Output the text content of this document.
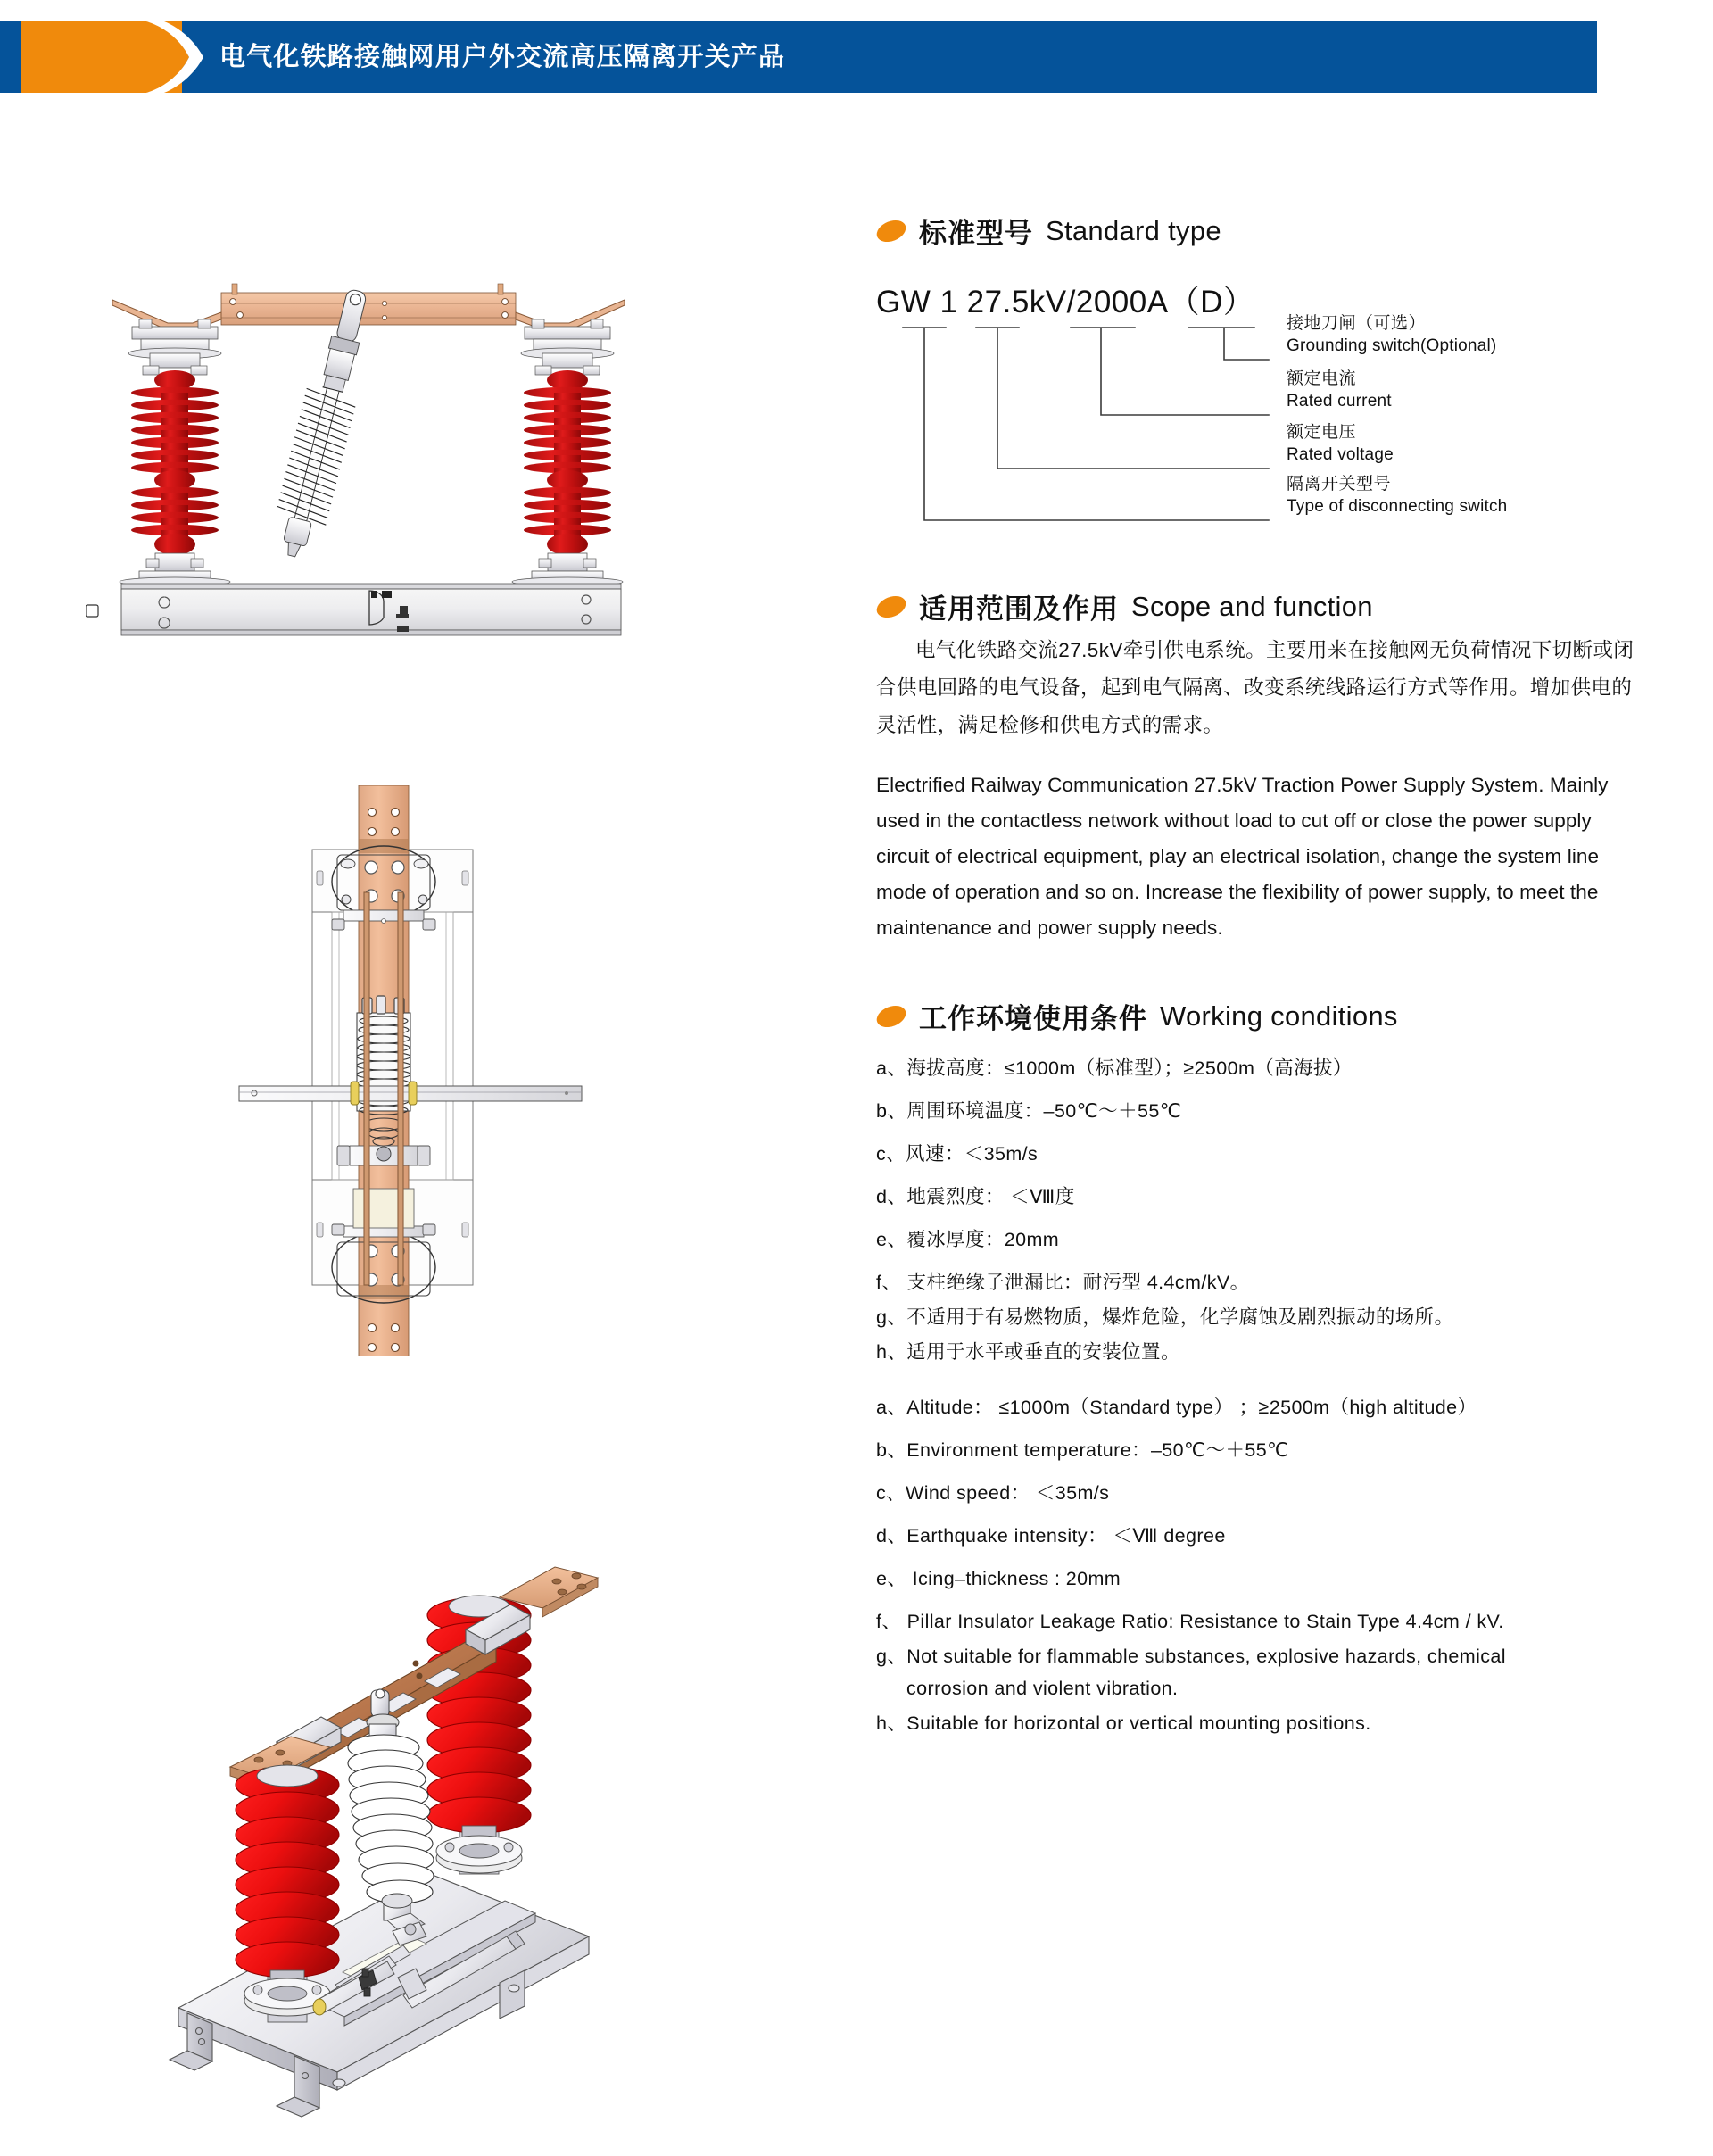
电气化铁路接触网用户外交流高压隔离开关产品
标准型号 Standard type
GW 1 27.5kV/2000A（D）
接地刀闸（可选）
Grounding switch(Optional)
额定电流
Rated current
额定电压
Rated voltage
隔离开关型号
Type of disconnecting switch
适用范围及作用 Scope and function

电气化铁路交流27.5kV牵引供电系统。主要用来在接触网无负荷情况下切断或闭合供电回路的电气设备，起到电气隔离、改变系统线路运行方式等作用。增加供电的灵活性，满足检修和供电方式的需求。

Electrified Railway Communication 27.5kV Traction Power Supply System. Mainly used in the contactless network without load to cut off or close the power supply circuit of electrical equipment, play an electrical isolation, change the system line mode of operation and so on. Increase the flexibility of power supply, to meet the maintenance and power supply needs.

工作环境使用条件 Working conditions
a、海拔高度：≤1000m（标准型）；≥2500m（高海拔）
b、周围环境温度：–50℃～＋55℃
c、风速：＜35m/s
d、地震烈度： ＜Ⅷ度
e、覆冰厚度：20mm
f、 支柱绝缘子泄漏比：耐污型 4.4cm/kV。
g、不适用于有易燃物质，爆炸危险，化学腐蚀及剧烈振动的场所。
h、适用于水平或垂直的安装位置。
a、Altitude： ≤1000m（Standard type） ；≥2500m（high altitude）
b、Environment temperature：–50℃～＋55℃
c、Wind speed： ＜35m/s
d、Earthquake intensity： ＜Ⅷ degree
e、 Icing–thickness : 20mm
f、 Pillar Insulator Leakage Ratio: Resistance to Stain Type 4.4cm / kV.
g、Not suitable for flammable substances, explosive hazards, chemical
corrosion and violent vibration.
h、Suitable for horizontal or vertical mounting positions.
